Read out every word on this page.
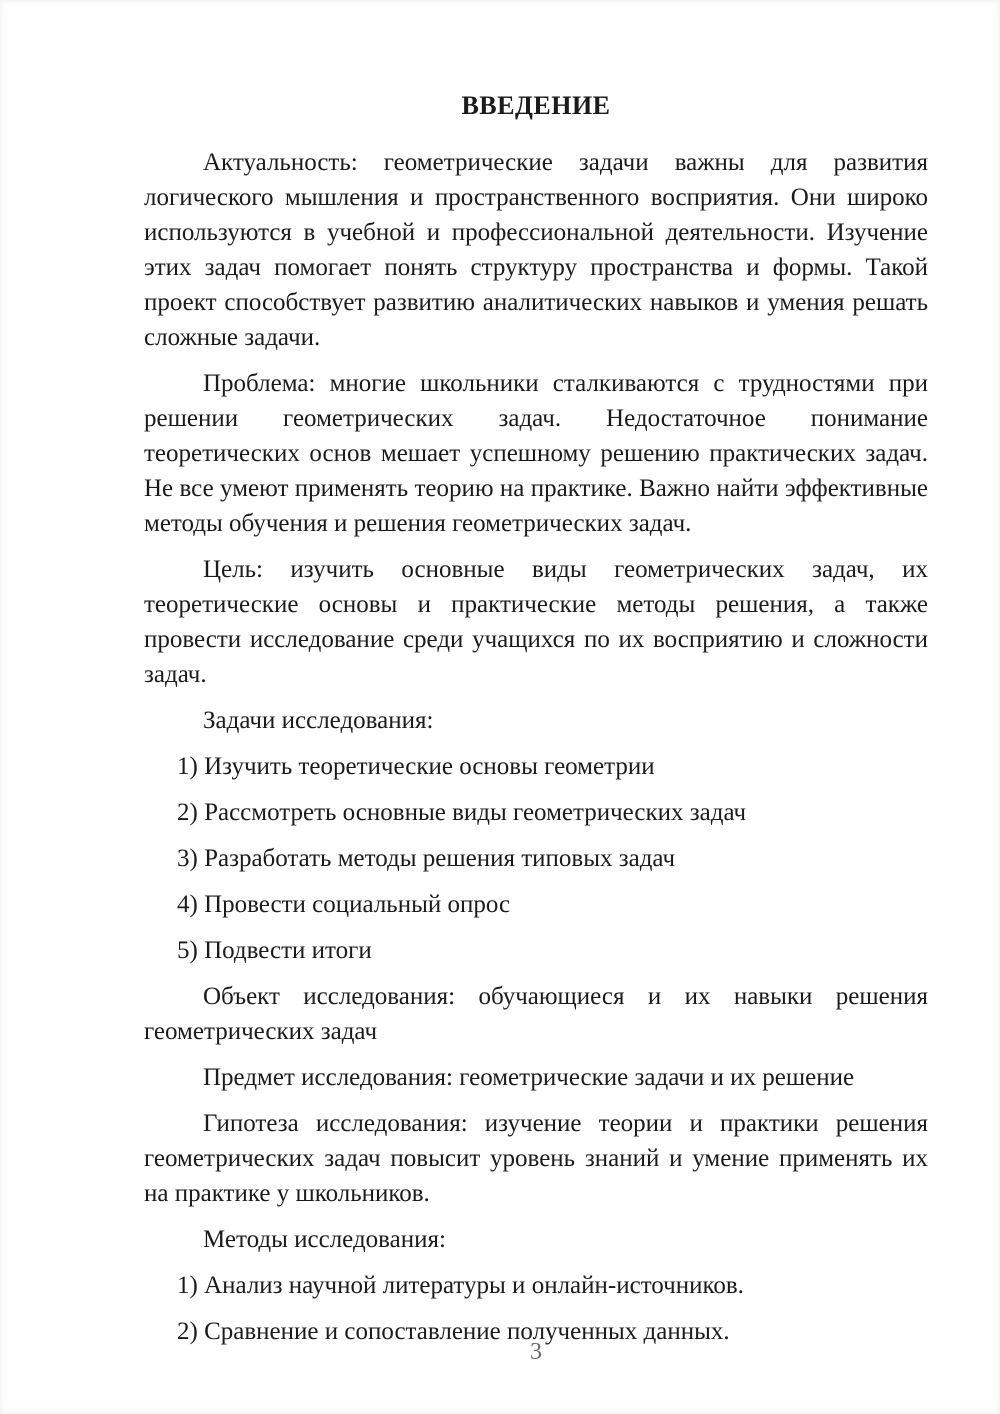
ВВЕДЕНИЕ

Актуальность: геометрические задачи важны для развития логического мышления и пространственного восприятия. Они широко используются в учебной и профессиональной деятельности. Изучение этих задач помогает понять структуру пространства и формы. Такой проект способствует развитию аналитических навыков и умения решать сложные задачи.

Проблема: многие школьники сталкиваются с трудностями при решении геометрических задач. Недостаточное понимание теоретических основ мешает успешному решению практических задач. Не все умеют применять теорию на практике. Важно найти эффективные методы обучения и решения геометрических задач.

Цель: изучить основные виды геометрических задач, их теоретические основы и практические методы решения, а также провести исследование среди учащихся по их восприятию и сложности задач.

Задачи исследования:

1) Изучить теоретические основы геометрии

2) Рассмотреть основные виды геометрических задач

3) Разработать методы решения типовых задач

4) Провести социальный опрос

5) Подвести итоги

Объект исследования: обучающиеся и их навыки решения геометрических задач

Предмет исследования: геометрические задачи и их решение

Гипотеза исследования: изучение теории и практики решения геометрических задач повысит уровень знаний и умение применять их на практике у школьников.

Методы исследования:

1) Анализ научной литературы и онлайн-источников.

2) Сравнение и сопоставление полученных данных.

3
